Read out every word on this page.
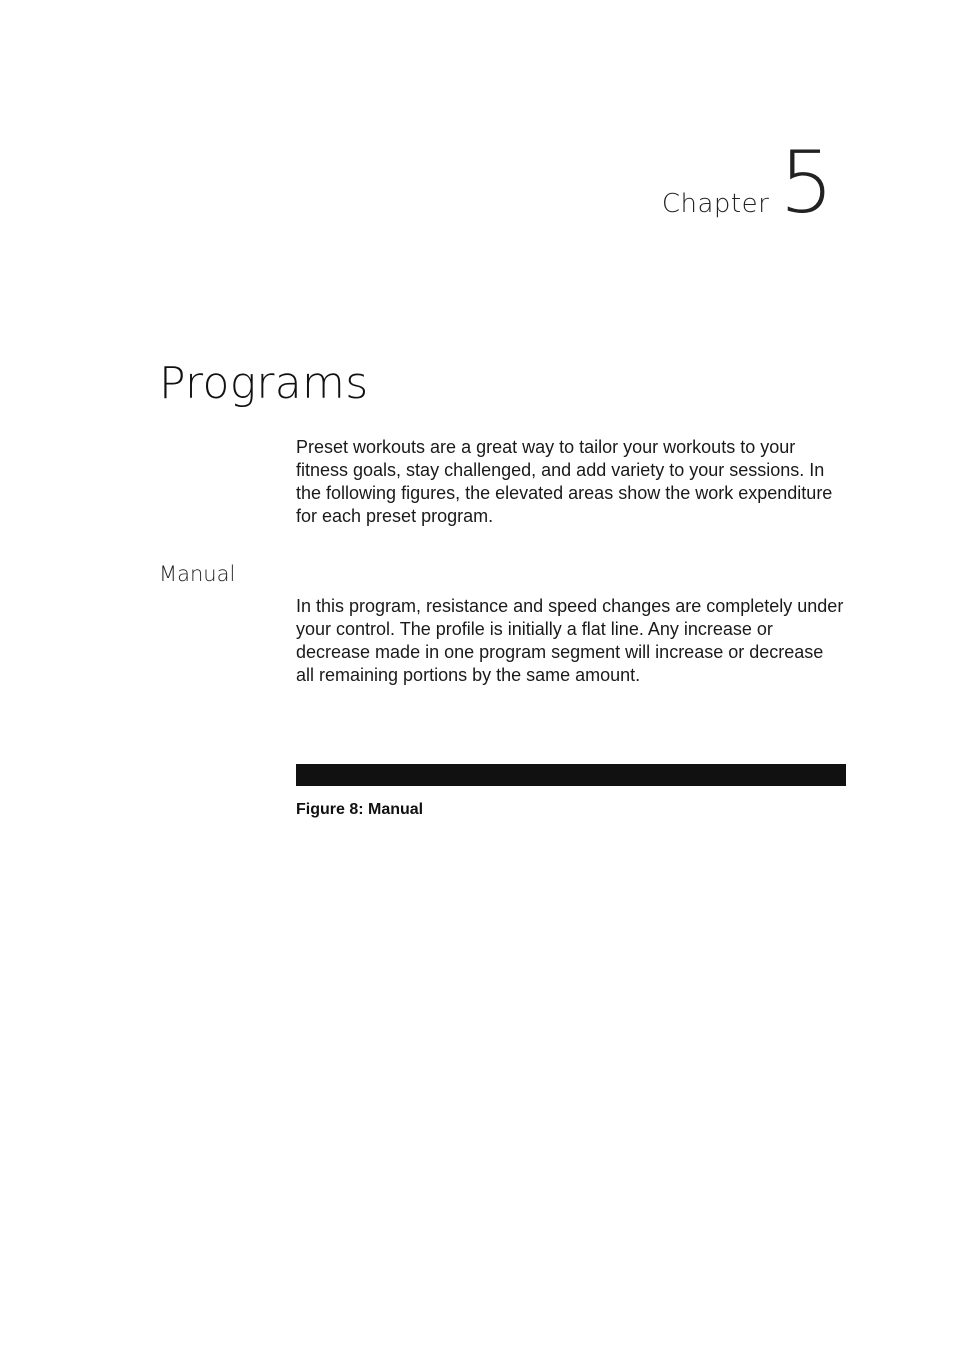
Chapter 5
Programs

Preset workouts are a great way to tailor your workouts to your fitness goals, stay challenged, and add variety to your sessions. In the following figures, the elevated areas show the work expenditure for each preset program.

Manual

In this program, resistance and speed changes are completely under your control. The profile is initially a flat line. Any increase or decrease made in one program segment will increase or decrease all remaining portions by the same amount.

Figure 8: Manual
